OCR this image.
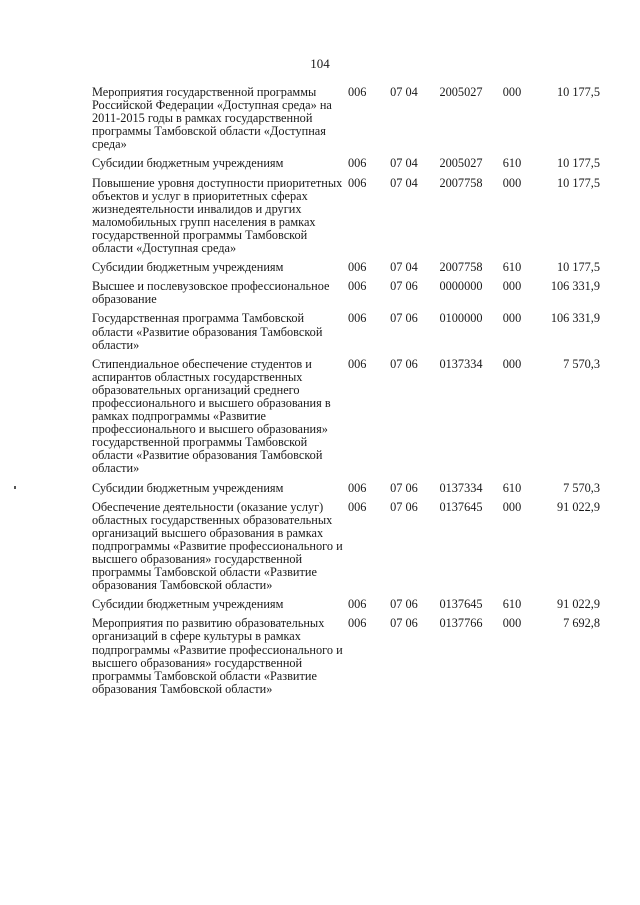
104
Мероприятия государственной программы Российской Федерации «Доступная среда» на 2011-2015 годы в рамках государственной программы Тамбовской области «Доступная среда»	006	07 04	2005027	000	10 177,5
Субсидии бюджетным учреждениям	006	07 04	2005027	610	10 177,5
Повышение уровня доступности приоритетных объектов и услуг в приоритетных сферах жизнедеятельности инвалидов и других маломобильных групп населения в рамках государственной программы Тамбовской области «Доступная среда»	006	07 04	2007758	000	10 177,5
Субсидии бюджетным учреждениям	006	07 04	2007758	610	10 177,5
Высшее и послевузовское профессиональное образование	006	07 06	0000000	000	106 331,9
Государственная программа Тамбовской области «Развитие образования Тамбовской области»	006	07 06	0100000	000	106 331,9
Стипендиальное обеспечение студентов и аспирантов областных государственных образовательных организаций среднего профессионального и высшего образования в рамках подпрограммы «Развитие профессионального и высшего образования» государственной программы Тамбовской области «Развитие образования Тамбовской области»	006	07 06	0137334	000	7 570,3
Субсидии бюджетным учреждениям	006	07 06	0137334	610	7 570,3
Обеспечение деятельности (оказание услуг) областных государственных образовательных организаций высшего образования в рамках подпрограммы «Развитие профессионального и высшего образования» государственной программы Тамбовской области «Развитие образования Тамбовской области»	006	07 06	0137645	000	91 022,9
Субсидии бюджетным учреждениям	006	07 06	0137645	610	91 022,9
Мероприятия по развитию образовательных организаций в сфере культуры в рамках подпрограммы «Развитие профессионального и высшего образования» государственной программы Тамбовской области «Развитие образования Тамбовской области»	006	07 06	0137766	000	7 692,8
